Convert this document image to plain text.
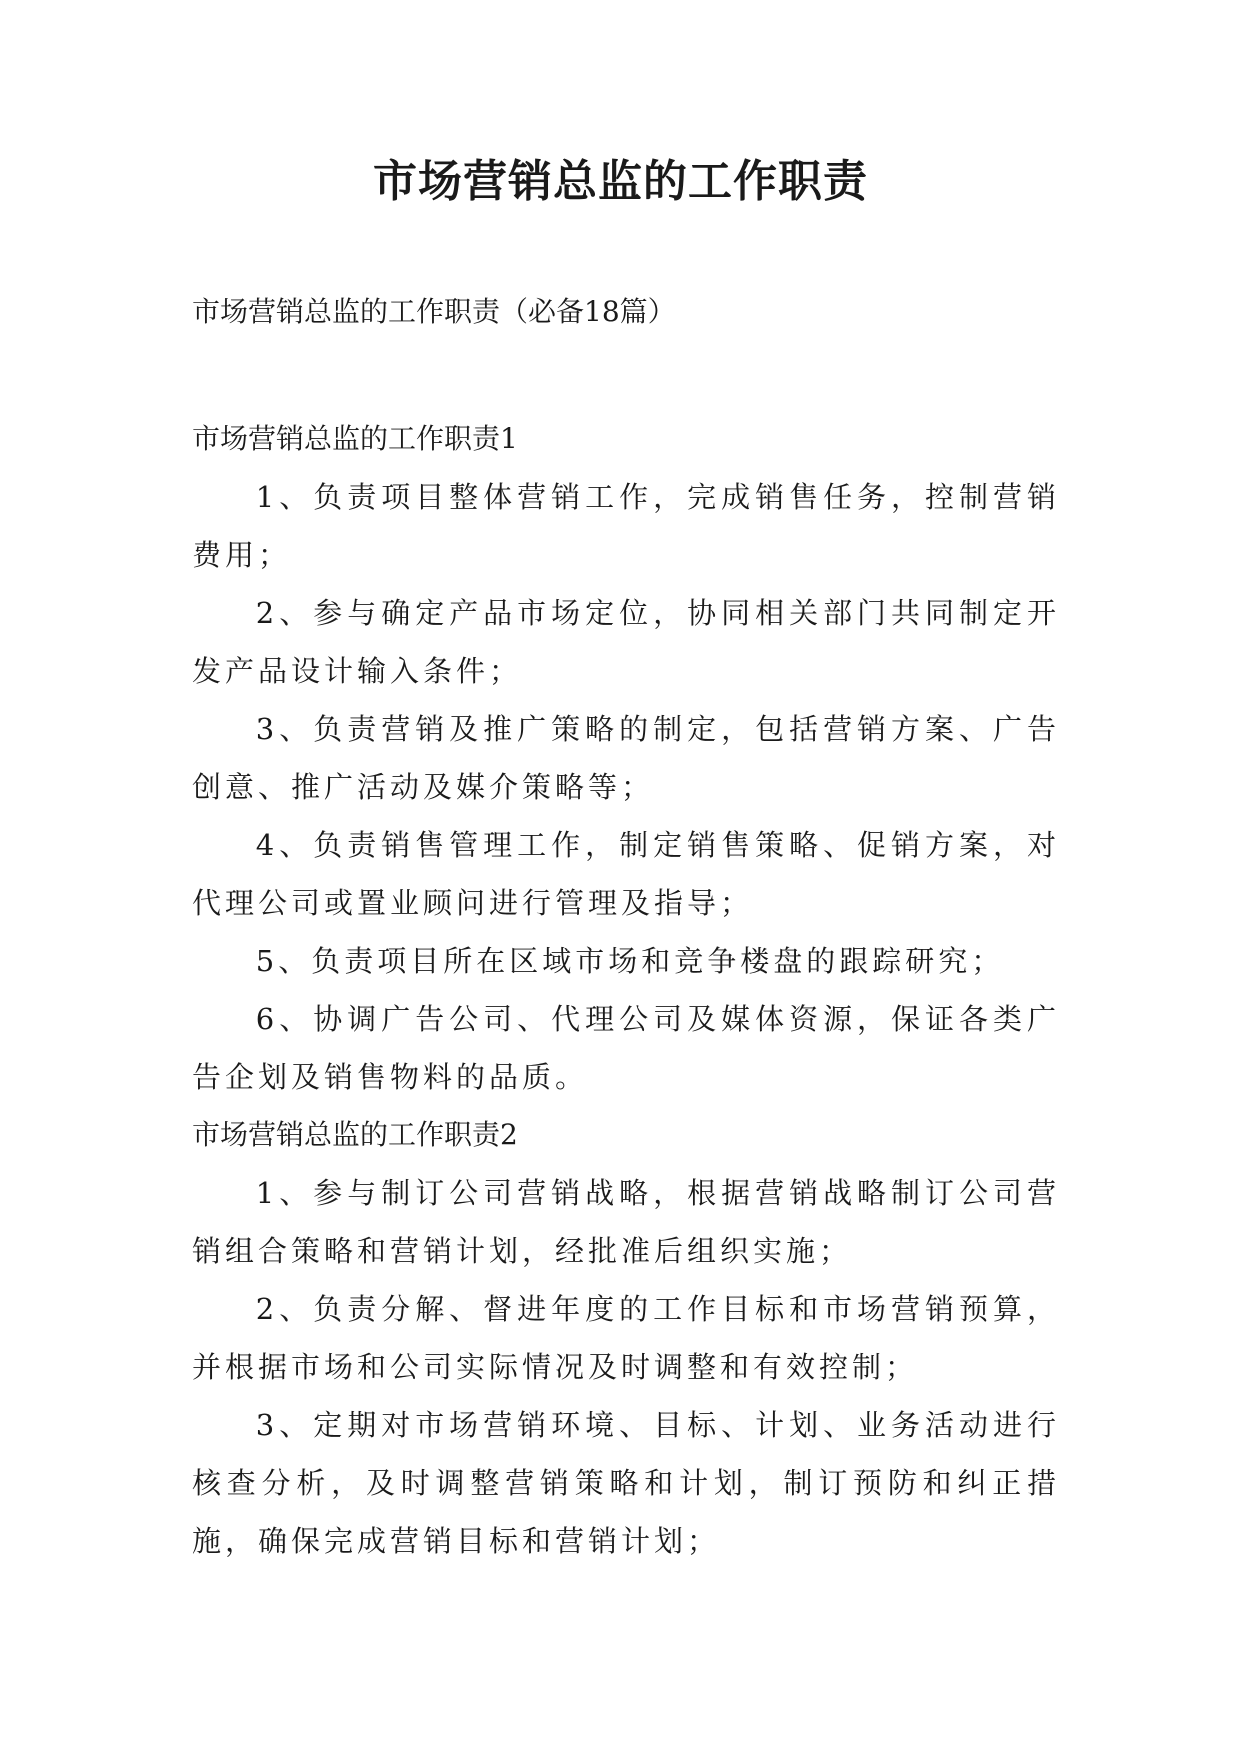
市场营销总监的工作职责

市场营销总监的工作职责（必备18篇）

市场营销总监的工作职责1

1、负责项目整体营销工作，完成销售任务，控制营销费用；

2、参与确定产品市场定位，协同相关部门共同制定开发产品设计输入条件；

3、负责营销及推广策略的制定，包括营销方案、广告创意、推广活动及媒介策略等；

4、负责销售管理工作，制定销售策略、促销方案，对代理公司或置业顾问进行管理及指导；

5、负责项目所在区域市场和竞争楼盘的跟踪研究；

6、协调广告公司、代理公司及媒体资源，保证各类广告企划及销售物料的品质。

市场营销总监的工作职责2

1、参与制订公司营销战略，根据营销战略制订公司营销组合策略和营销计划，经批准后组织实施；

2、负责分解、督进年度的工作目标和市场营销预算，并根据市场和公司实际情况及时调整和有效控制；

3、定期对市场营销环境、目标、计划、业务活动进行核查分析，及时调整营销策略和计划，制订预防和纠正措施，确保完成营销目标和营销计划；
